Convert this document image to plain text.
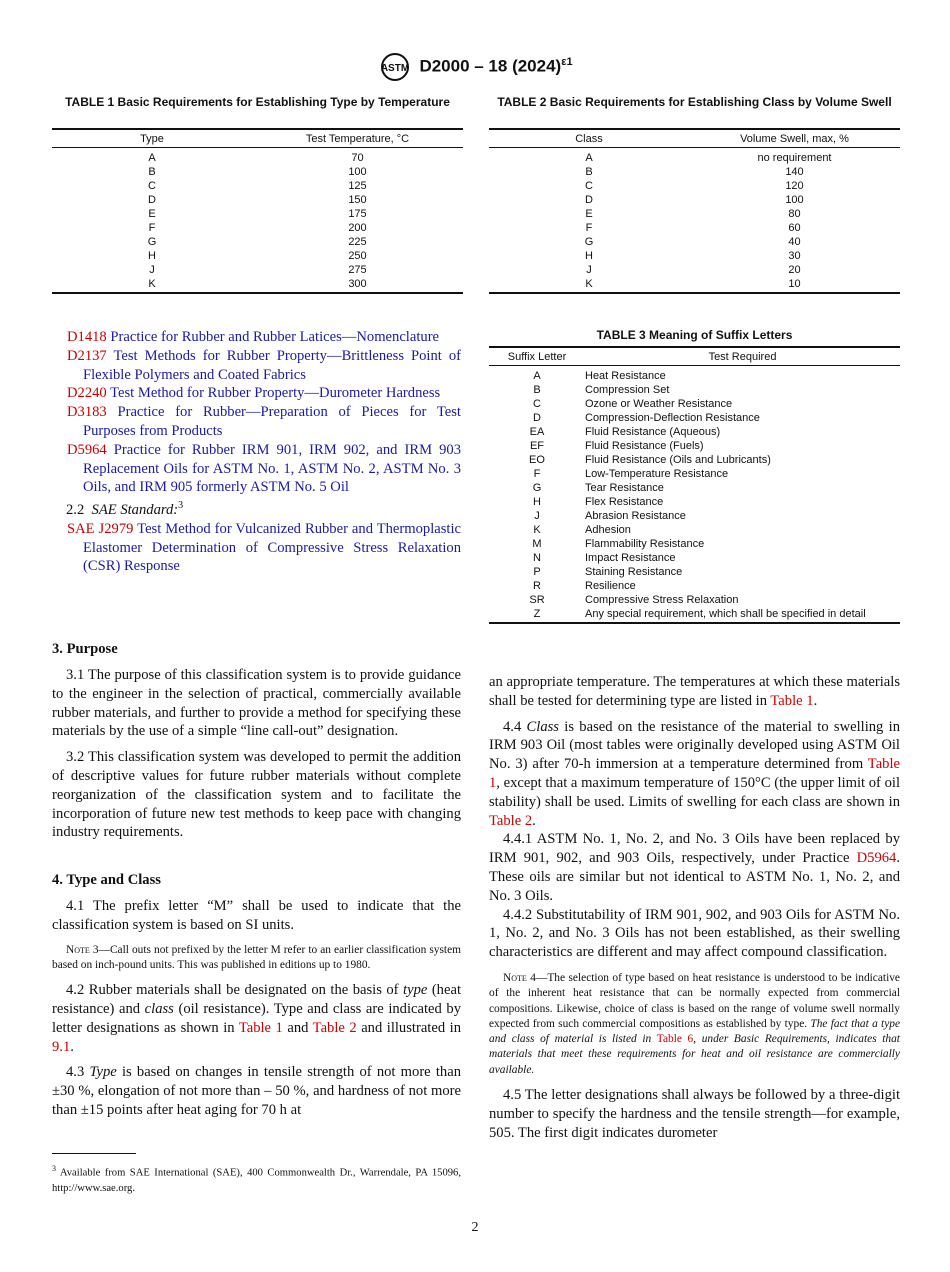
ASTM D2000 – 18 $(2024)^{\varepsilon 1}$
TABLE 1 Basic Requirements for Establishing Type by Temperature
Type	Test Temperature, °C
A	70
B	100
C	125
D	150
E	175
F	200
G	225
H	250
J	275
K	300
TABLE 2 Basic Requirements for Establishing Class by Volume Swell
Class	Volume Swell, max, %
A	no requirement
B	140
C	120
D	100
E	80
F	60
G	40
H	30
J	20
K	10
TABLE 3 Meaning of Suffix Letters
Suffix Letter	Test Required
A	Heat Resistance
B	Compression Set
C	Ozone or Weather Resistance
D	Compression-Deflection Resistance
EA	Fluid Resistance (Aqueous)
EF	Fluid Resistance (Fuels)
EO	Fluid Resistance (Oils and Lubricants)
F	Low-Temperature Resistance
G	Tear Resistance
H	Flex Resistance
J	Abrasion Resistance
K	Adhesion
M	Flammability Resistance
N	Impact Resistance
P	Staining Resistance
R	Resilience
SR	Compressive Stress Relaxation
Z	Any special requirement, which shall be specified in detail

D1418 Practice for Rubber and Rubber Latices—Nomenclature

D2137 Test Methods for Rubber Property—Brittleness Point of Flexible Polymers and Coated Fabrics

D2240 Test Method for Rubber Property—Durometer Hardness

D3183 Practice for Rubber—Preparation of Pieces for Test Purposes from Products

D5964 Practice for Rubber IRM 901, IRM 902, and IRM 903 Replacement Oils for ASTM No. 1, ASTM No. 2, ASTM No. 3 Oils, and IRM 905 formerly ASTM No. 5 Oil

2.2 SAE Standard:$^3$

SAE J2979 Test Method for Vulcanized Rubber and Thermoplastic Elastomer Determination of Compressive Stress Relaxation (CSR) Response

3. Purpose

3.1 The purpose of this classification system is to provide guidance to the engineer in the selection of practical, commercially available rubber materials, and further to provide a method for specifying these materials by the use of a simple “line call-out” designation.

3.2 This classification system was developed to permit the addition of descriptive values for future rubber materials without complete reorganization of the classification system and to facilitate the incorporation of future new test methods to keep pace with changing industry requirements.

4. Type and Class

4.1 The prefix letter “M” shall be used to indicate that the classification system is based on SI units.

Note 3—Call outs not prefixed by the letter M refer to an earlier classification system based on inch-pound units. This was published in editions up to 1980.

4.2 Rubber materials shall be designated on the basis of type (heat resistance) and class (oil resistance). Type and class are indicated by letter designations as shown in Table 1 and Table 2 and illustrated in 9.1.

4.3 Type is based on changes in tensile strength of not more than ±30 %, elongation of not more than – 50 %, and hardness of not more than ±15 points after heat aging for 70 h at

$^3$ Available from SAE International (SAE), 400 Commonwealth Dr., Warrendale, PA 15096, http://www.sae.org.

an appropriate temperature. The temperatures at which these materials shall be tested for determining type are listed in Table 1.

4.4 Class is based on the resistance of the material to swelling in IRM 903 Oil (most tables were originally developed using ASTM Oil No. 3) after 70-h immersion at a temperature determined from Table 1, except that a maximum temperature of 150°C (the upper limit of oil stability) shall be used. Limits of swelling for each class are shown in Table 2.

4.4.1 ASTM No. 1, No. 2, and No. 3 Oils have been replaced by IRM 901, 902, and 903 Oils, respectively, under Practice D5964. These oils are similar but not identical to ASTM No. 1, No. 2, and No. 3 Oils.

4.4.2 Substitutability of IRM 901, 902, and 903 Oils for ASTM No. 1, No. 2, and No. 3 Oils has not been established, as their swelling characteristics are different and may affect compound classification.

Note 4—The selection of type based on heat resistance is understood to be indicative of the inherent heat resistance that can be normally expected from commercial compositions. Likewise, choice of class is based on the range of volume swell normally expected from such commercial compositions as established by type. The fact that a type and class of material is listed in Table 6, under Basic Requirements, indicates that materials that meet these requirements for heat and oil resistance are commercially available.

4.5 The letter designations shall always be followed by a three-digit number to specify the hardness and the tensile strength—for example, 505. The first digit indicates durometer

2
